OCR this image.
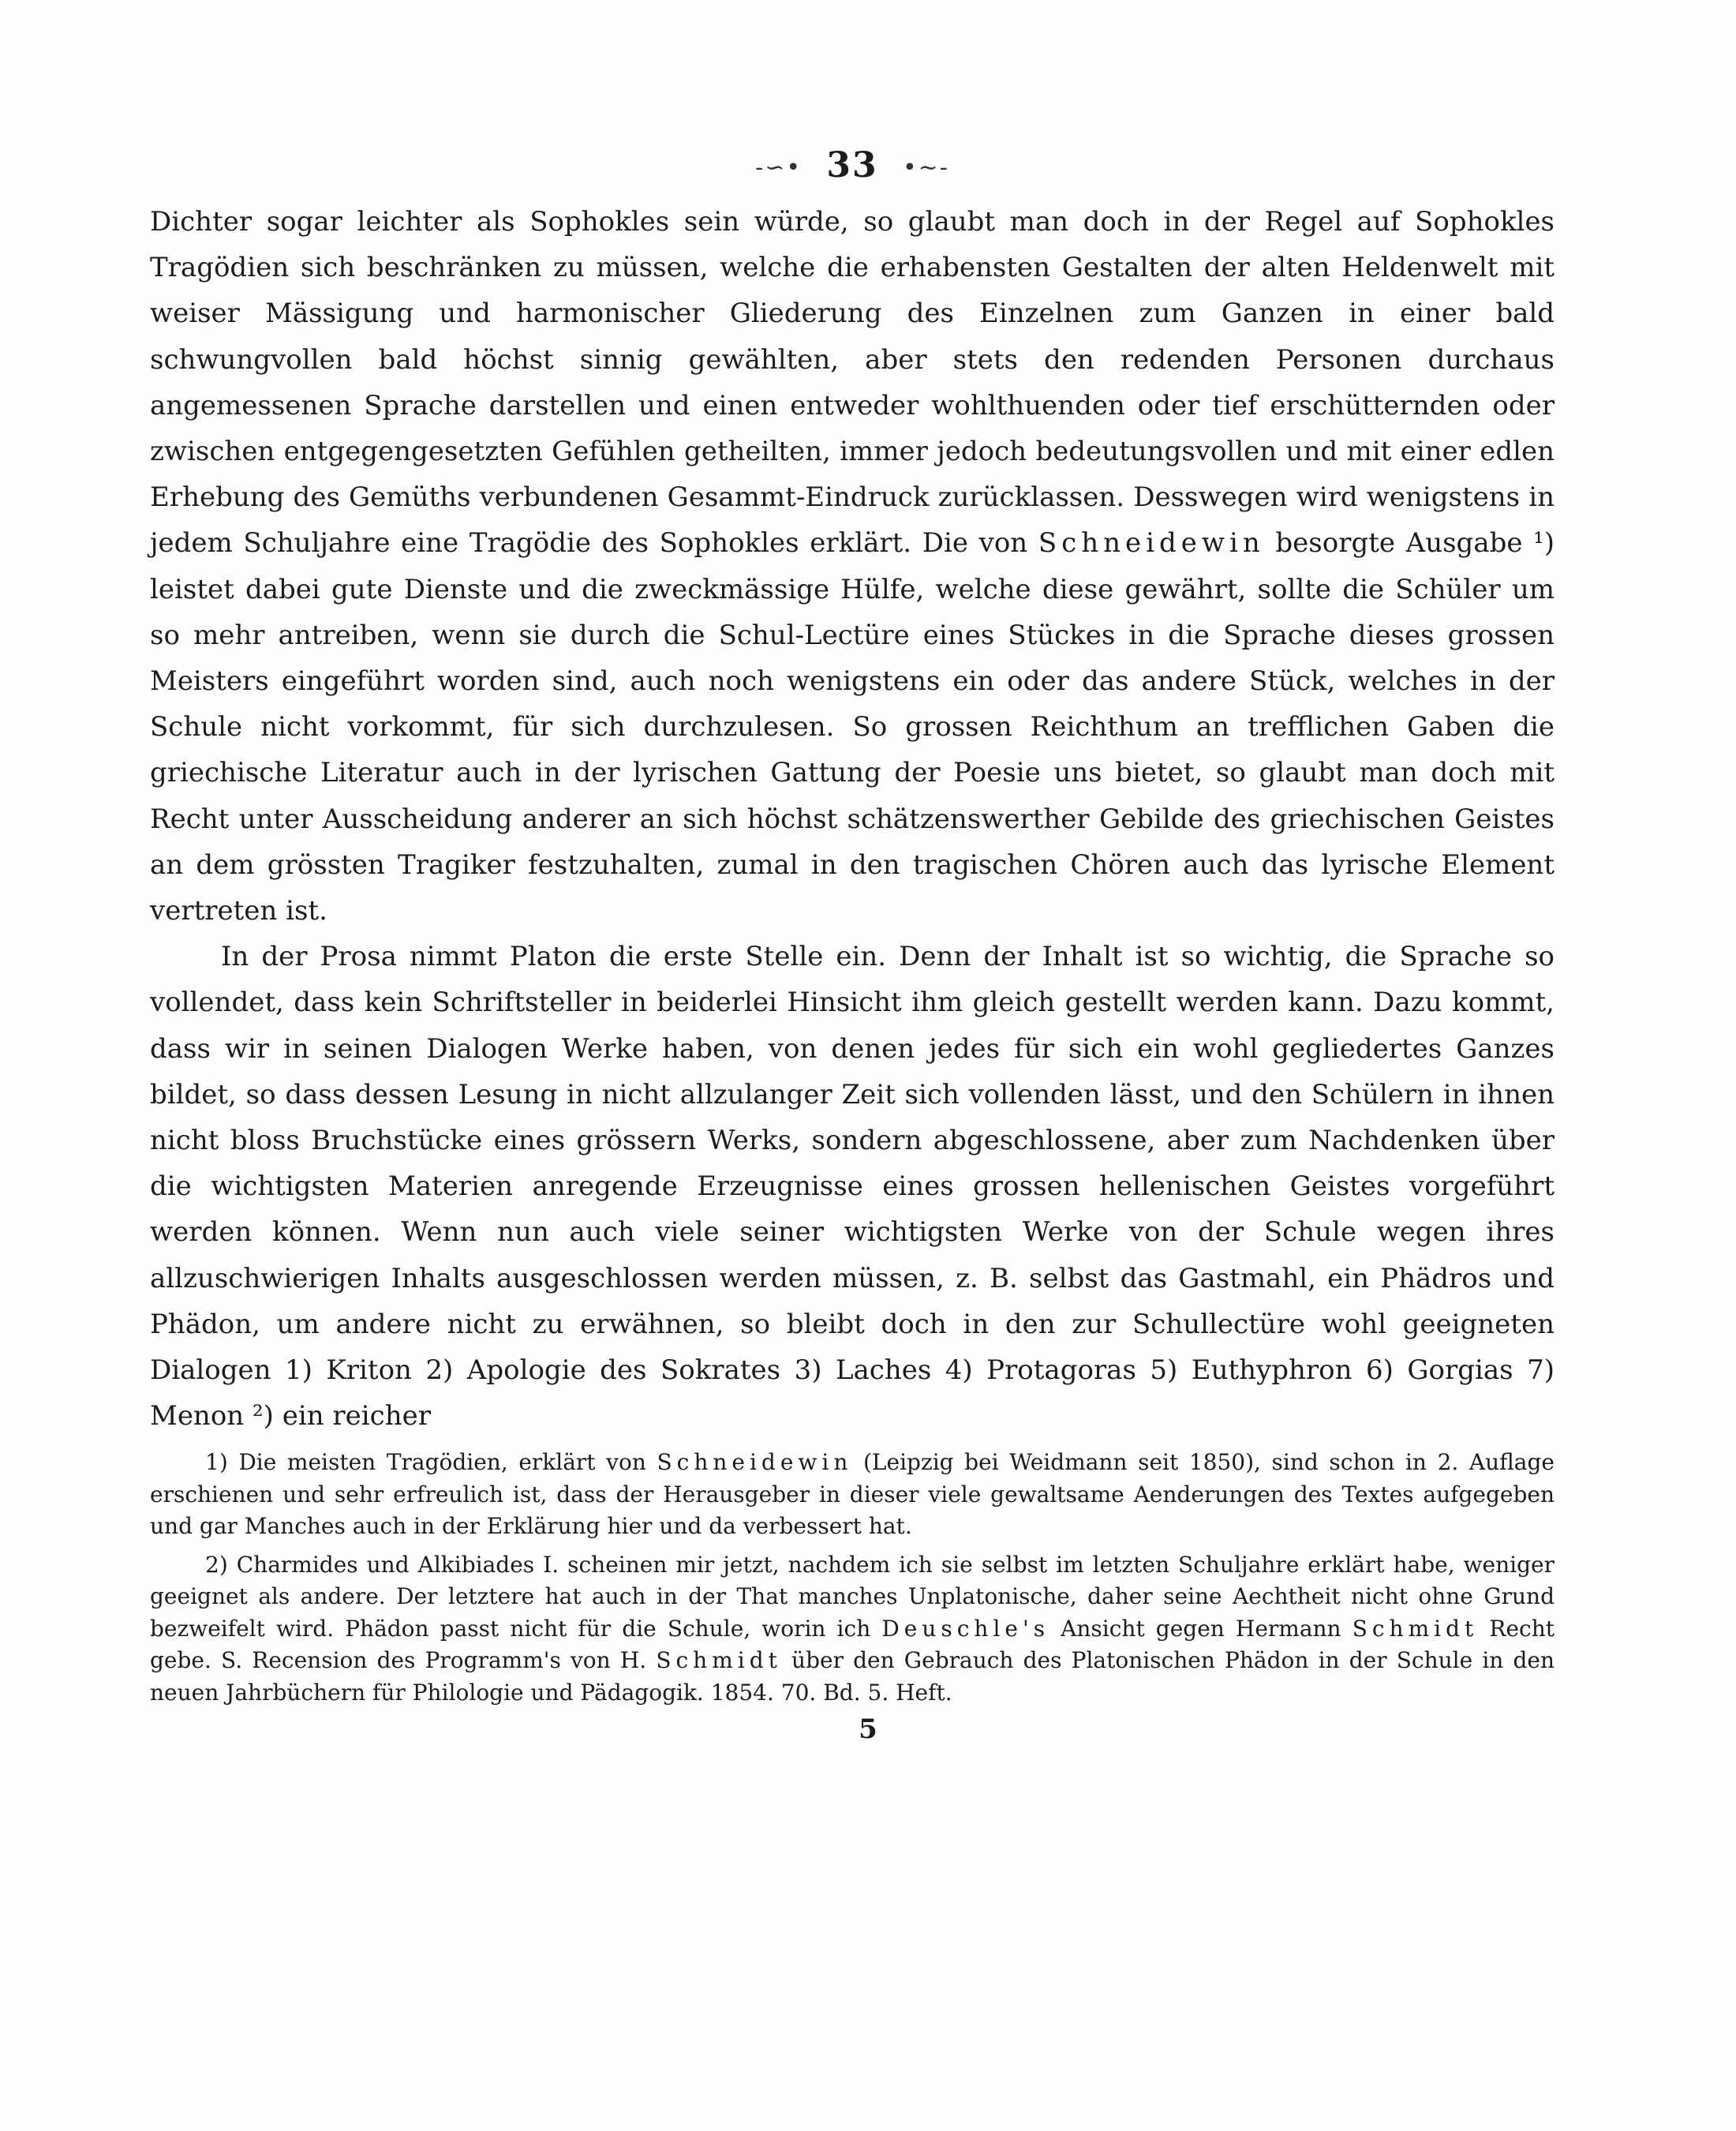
-∽• 33 •∼-

Dichter sogar leichter als Sophokles sein würde, so glaubt man doch in der Regel auf Sophokles Tragödien sich beschränken zu müssen, welche die erhabensten Gestalten der alten Heldenwelt mit weiser Mässigung und harmonischer Gliederung des Einzelnen zum Ganzen in einer bald schwungvollen bald höchst sinnig gewählten, aber stets den redenden Personen durchaus angemessenen Sprache darstellen und einen entweder wohlthuenden oder tief erschütternden oder zwischen entgegengesetzten Gefühlen getheilten, immer jedoch bedeutungsvollen und mit einer edlen Erhebung des Gemüths verbundenen Gesammt-Eindruck zurücklassen. Desswegen wird wenigstens in jedem Schuljahre eine Tragödie des Sophokles erklärt. Die von Schneidewin besorgte Ausgabe ¹) leistet dabei gute Dienste und die zweckmässige Hülfe, welche diese gewährt, sollte die Schüler um so mehr antreiben, wenn sie durch die Schul-Lectüre eines Stückes in die Sprache dieses grossen Meisters eingeführt worden sind, auch noch wenigstens ein oder das andere Stück, welches in der Schule nicht vorkommt, für sich durchzulesen. So grossen Reichthum an trefflichen Gaben die griechische Literatur auch in der lyrischen Gattung der Poesie uns bietet, so glaubt man doch mit Recht unter Ausscheidung anderer an sich höchst schätzenswerther Gebilde des griechischen Geistes an dem grössten Tragiker festzuhalten, zumal in den tragischen Chören auch das lyrische Element vertreten ist.

In der Prosa nimmt Platon die erste Stelle ein. Denn der Inhalt ist so wichtig, die Sprache so vollendet, dass kein Schriftsteller in beiderlei Hinsicht ihm gleich gestellt werden kann. Dazu kommt, dass wir in seinen Dialogen Werke haben, von denen jedes für sich ein wohl gegliedertes Ganzes bildet, so dass dessen Lesung in nicht allzulanger Zeit sich vollenden lässt, und den Schülern in ihnen nicht bloss Bruchstücke eines grössern Werks, sondern abgeschlossene, aber zum Nachdenken über die wichtigsten Materien anregende Erzeugnisse eines grossen hellenischen Geistes vorgeführt werden können. Wenn nun auch viele seiner wichtigsten Werke von der Schule wegen ihres allzuschwierigen Inhalts ausgeschlossen werden müssen, z. B. selbst das Gastmahl, ein Phädros und Phädon, um andere nicht zu erwähnen, so bleibt doch in den zur Schullectüre wohl geeigneten Dialogen 1) Kriton 2) Apologie des Sokrates 3) Laches 4) Protagoras 5) Euthyphron 6) Gorgias 7) Menon ²) ein reicher

1) Die meisten Tragödien, erklärt von Schneidewin (Leipzig bei Weidmann seit 1850), sind schon in 2. Auflage erschienen und sehr erfreulich ist, dass der Herausgeber in dieser viele gewaltsame Aenderungen des Textes aufgegeben und gar Manches auch in der Erklärung hier und da verbessert hat.

2) Charmides und Alkibiades I. scheinen mir jetzt, nachdem ich sie selbst im letzten Schuljahre erklärt habe, weniger geeignet als andere. Der letztere hat auch in der That manches Unplatonische, daher seine Aechtheit nicht ohne Grund bezweifelt wird. Phädon passt nicht für die Schule, worin ich Deuschle's Ansicht gegen Hermann Schmidt Recht gebe. S. Recension des Programm's von H. Schmidt über den Gebrauch des Platonischen Phädon in der Schule in den neuen Jahrbüchern für Philologie und Pädagogik. 1854. 70. Bd. 5. Heft.

5
